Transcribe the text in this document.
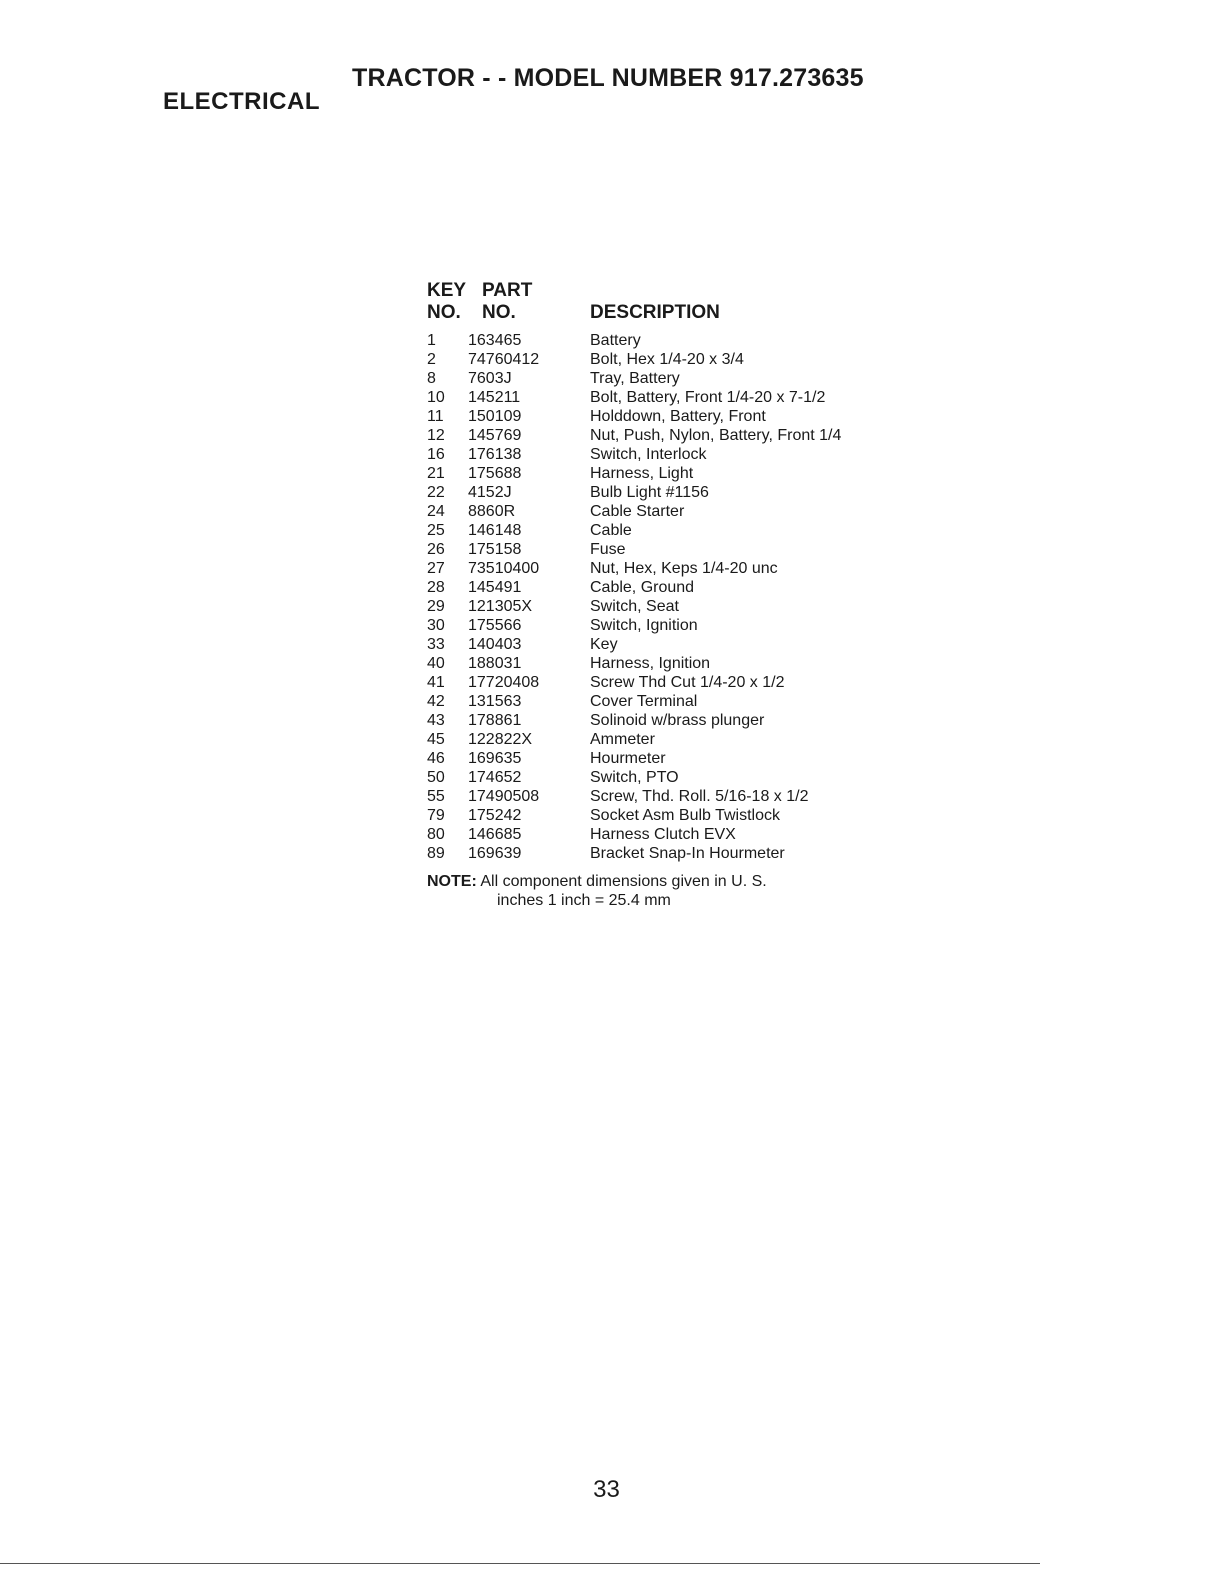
TRACTOR - - MODEL NUMBER 917.273635
ELECTRICAL
KEY PART
NO. NO.	DESCRIPTION
1 163465	Battery
2 74760412	Bolt, Hex 1/4-20 x 3/4
8 7603J	Tray, Battery
10 145211	Bolt, Battery, Front 1/4-20 x 7-1/2
11 150109	Holddown, Battery, Front
12 145769	Nut, Push, Nylon, Battery, Front 1/4
16 176138	Switch, Interlock
21 175688	Harness, Light
22 4152J	Bulb Light #1156
24 8860R	Cable Starter
25 146148	Cable
26 175158	Fuse
27 73510400	Nut, Hex, Keps 1/4-20 unc
28 145491	Cable, Ground
29 121305X	Switch, Seat
30 175566	Switch, Ignition
33 140403	Key
40 188031	Harness, Ignition
41 17720408	Screw Thd Cut 1/4-20 x 1/2
42 131563	Cover Terminal
43 178861	Solinoid w/brass plunger
45 122822X	Ammeter
46 169635	Hourmeter
50 174652	Switch, PTO
55 17490508	Screw, Thd. Roll. 5/16-18 x 1/2
79 175242	Socket Asm Bulb Twistlock
80 146685	Harness Clutch EVX
89 169639	Bracket Snap-In Hourmeter
NOTE: All component dimensions given in U. S.
inches 1 inch = 25.4 mm
33
